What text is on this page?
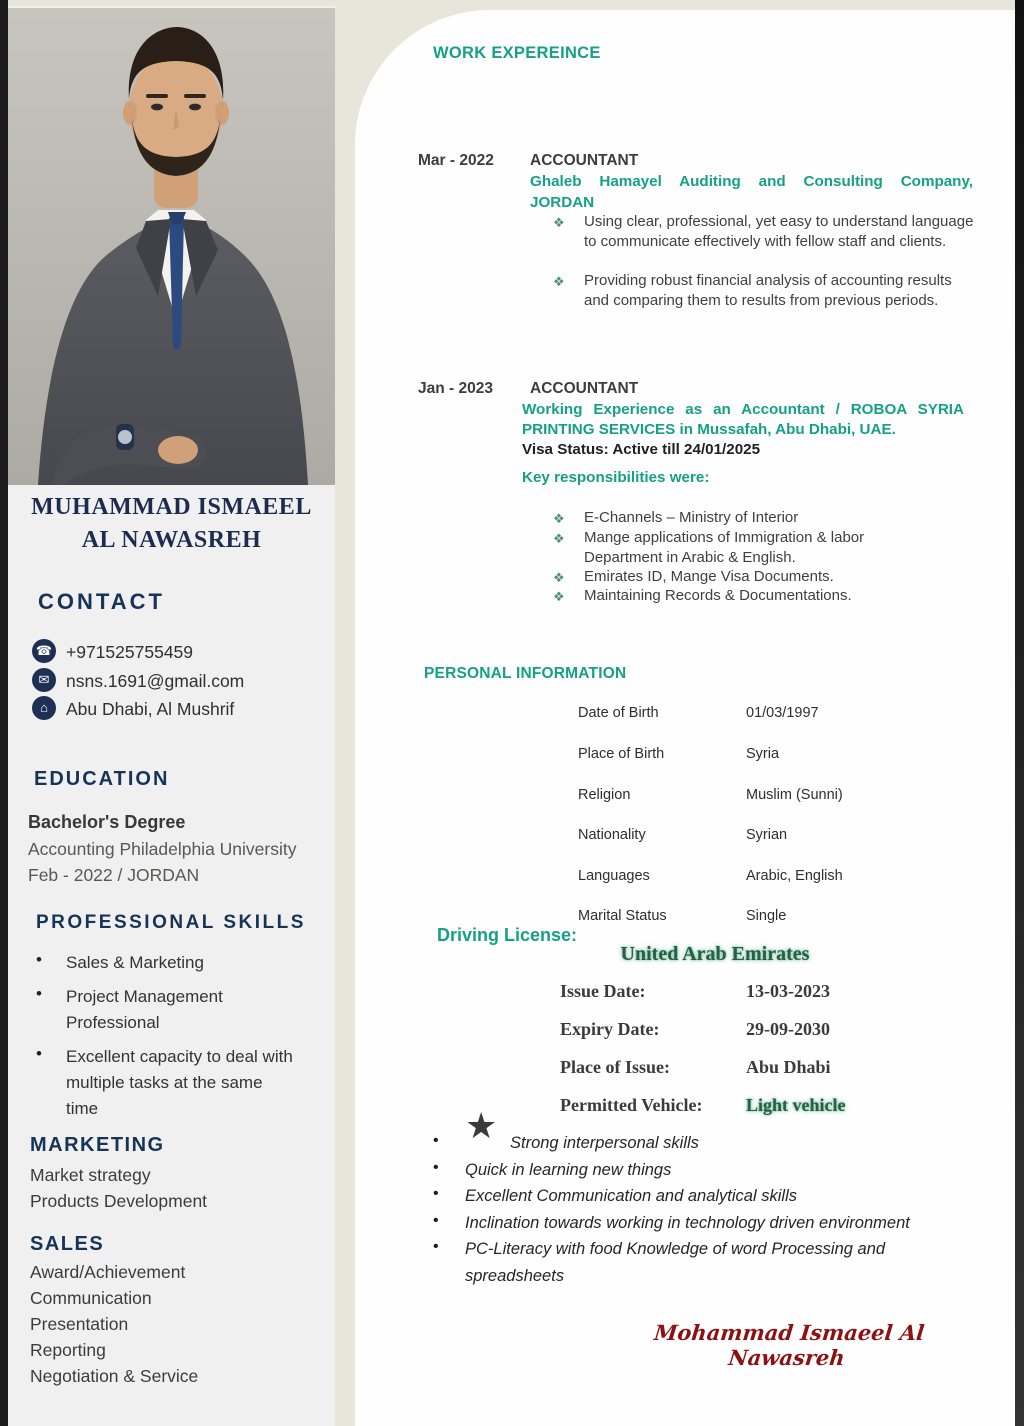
MUHAMMAD ISMAEEL
AL NAWASREH
CONTACT
☎ +971525755459
✉ nsns.1691@gmail.com
⌂	Abu Dhabi, Al Mushrif
EDUCATION
Bachelor's Degree
Accounting Philadelphia University
Feb - 2022 / JORDAN
PROFESSIONAL SKILLS
• Sales & Marketing
• Project Management Professional
• Excellent capacity to deal with multiple tasks at the same time
MARKETING
Market strategy
Products Development
SALES
Award/Achievement
Communication
Presentation
Reporting
Negotiation & Service
WORK EXPEREINCE
Mar - 2022 ACCOUNTANT
Ghaleb Hamayel Auditing and Consulting Company,
JORDAN
❖ Using clear, professional, yet easy to understand language to communicate effectively with fellow staff and clients.
❖ Providing robust financial analysis of accounting results and comparing them to results from previous periods.
Jan - 2023 ACCOUNTANT
Working Experience as an Accountant / ROBOA SYRIA
PRINTING SERVICES in Mussafah, Abu Dhabi, UAE.
Visa Status: Active till 24/01/2025
Key responsibilities were:
❖ E-Channels – Ministry of Interior
❖ Mange applications of Immigration & labor Department in Arabic & English.
❖ Emirates ID, Mange Visa Documents.
❖ Maintaining Records & Documentations.
PERSONAL INFORMATION
Date of Birth	01/03/1997
Place of Birth	Syria
Religion	Muslim (Sunni)
Nationality	Syrian
Languages	Arabic, English
Marital Status	Single
Driving License:
United Arab Emirates
Issue Date:	13-03-2023
Expiry Date:	29-09-2030
Place of Issue:	Abu Dhabi
Permitted Vehicle: Light vehicle
★
•	Strong interpersonal skills
• Quick in learning new things
• Excellent Communication and analytical skills
• Inclination towards working in technology driven environment
• PC-Literacy with food Knowledge of word Processing and spreadsheets
Mohammad Ismaeel Al Nawasreh
